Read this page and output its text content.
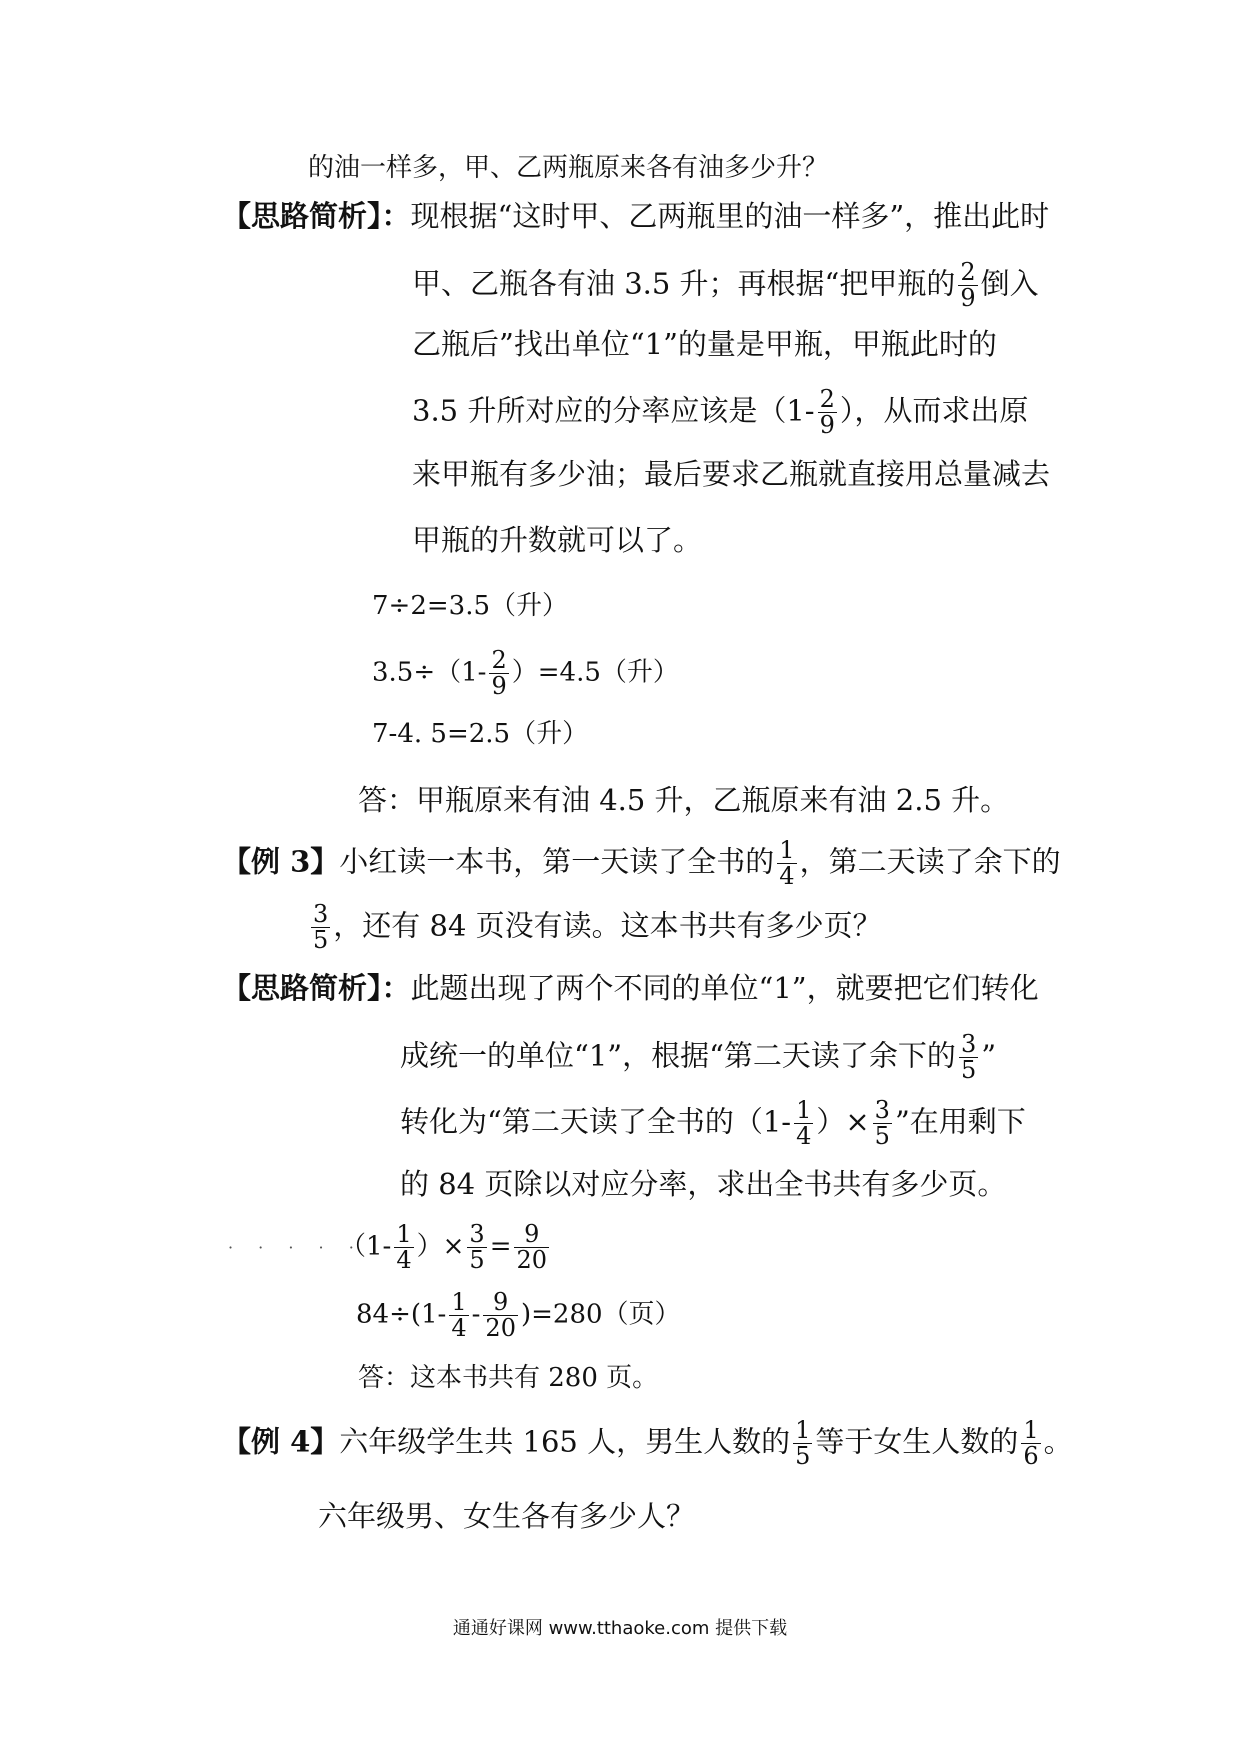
的油一样多，甲、乙两瓶原来各有油多少升？
【思路简析】：现根据“这时甲、乙两瓶里的油一样多”，推出此时
甲、乙瓶各有油 3.5 升；再根据“把甲瓶的 $\frac{2}{9}$ 倒入
乙瓶后”找出单位“1”的量是甲瓶，甲瓶此时的
3.5 升所对应的分率应该是（$1- \frac{2}{9}$ ），从而求出原
来甲瓶有多少油；最后要求乙瓶就直接用总量减去
甲瓶的升数就可以了。
7÷2=3.5（升）
$3.5\div(1- \frac{2}{9} )=4.5$（升）
7-4. 5=2.5（升）
答：甲瓶原来有油 4.5 升，乙瓶原来有油 2.5 升。
【例 3】小红读一本书，第一天读了全书的 $\frac{1}{4}$ ，第二天读了余下的
$\frac{3}{5}$ ，还有 84 页没有读。这本书共有多少页？
【思路简析】：此题出现了两个不同的单位“1”，就要把它们转化
成统一的单位“1”，根据“第二天读了余下的 $\frac{3}{5}$ ”
转化为“第二天读了全书的（$1- \frac{1}{4}$ ）× $\frac{3}{5}$ ”在用剩下
的 84 页除以对应分率，求出全书共有多少页。
· · · · ·
（$1- \frac{1}{4}$ ）× $\frac{3}{5} = \frac{9}{20}$
$84\div(1- \frac{1}{4} - \frac{9}{20} )=280$（页）
答：这本书共有 280 页。
【例 4】六年级学生共 165 人，男生人数的 $\frac{1}{5}$ 等于女生人数的 $\frac{1}{6}$ 。
六年级男、女生各有多少人？
通通好课网 www.tthaoke.com 提供下载
